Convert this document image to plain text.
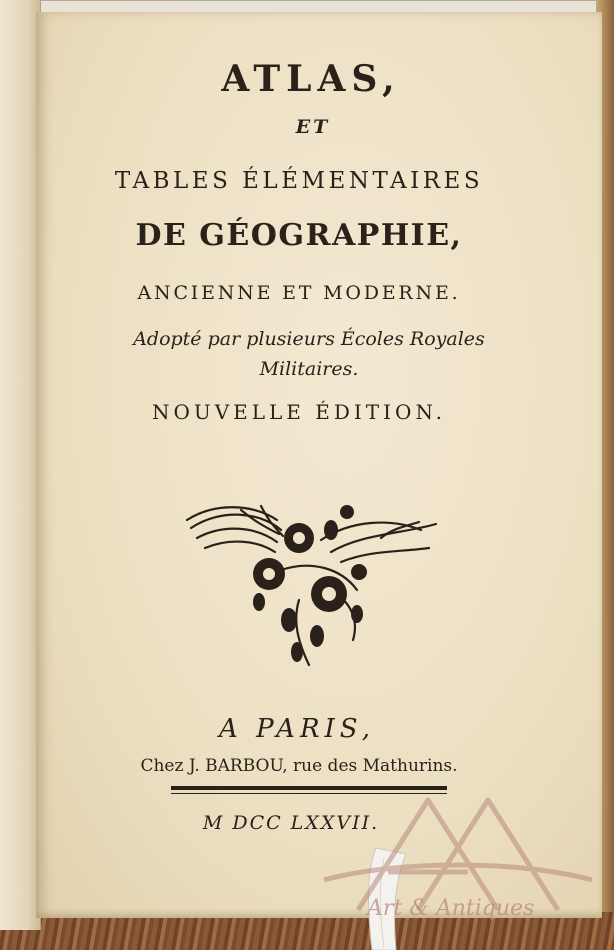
ATLAS,
ET
TABLES ÉLÉMENTAIRES
DE GÉOGRAPHIE,
ANCIENNE ET MODERNE.
Adopté par plusieurs Écoles Royales
Militaires.
NOUVELLE ÉDITION.
A PARIS,
Chez J. BARBOU, rue des Mathurins.
M DCC LXXVII.
Art & Antiques
